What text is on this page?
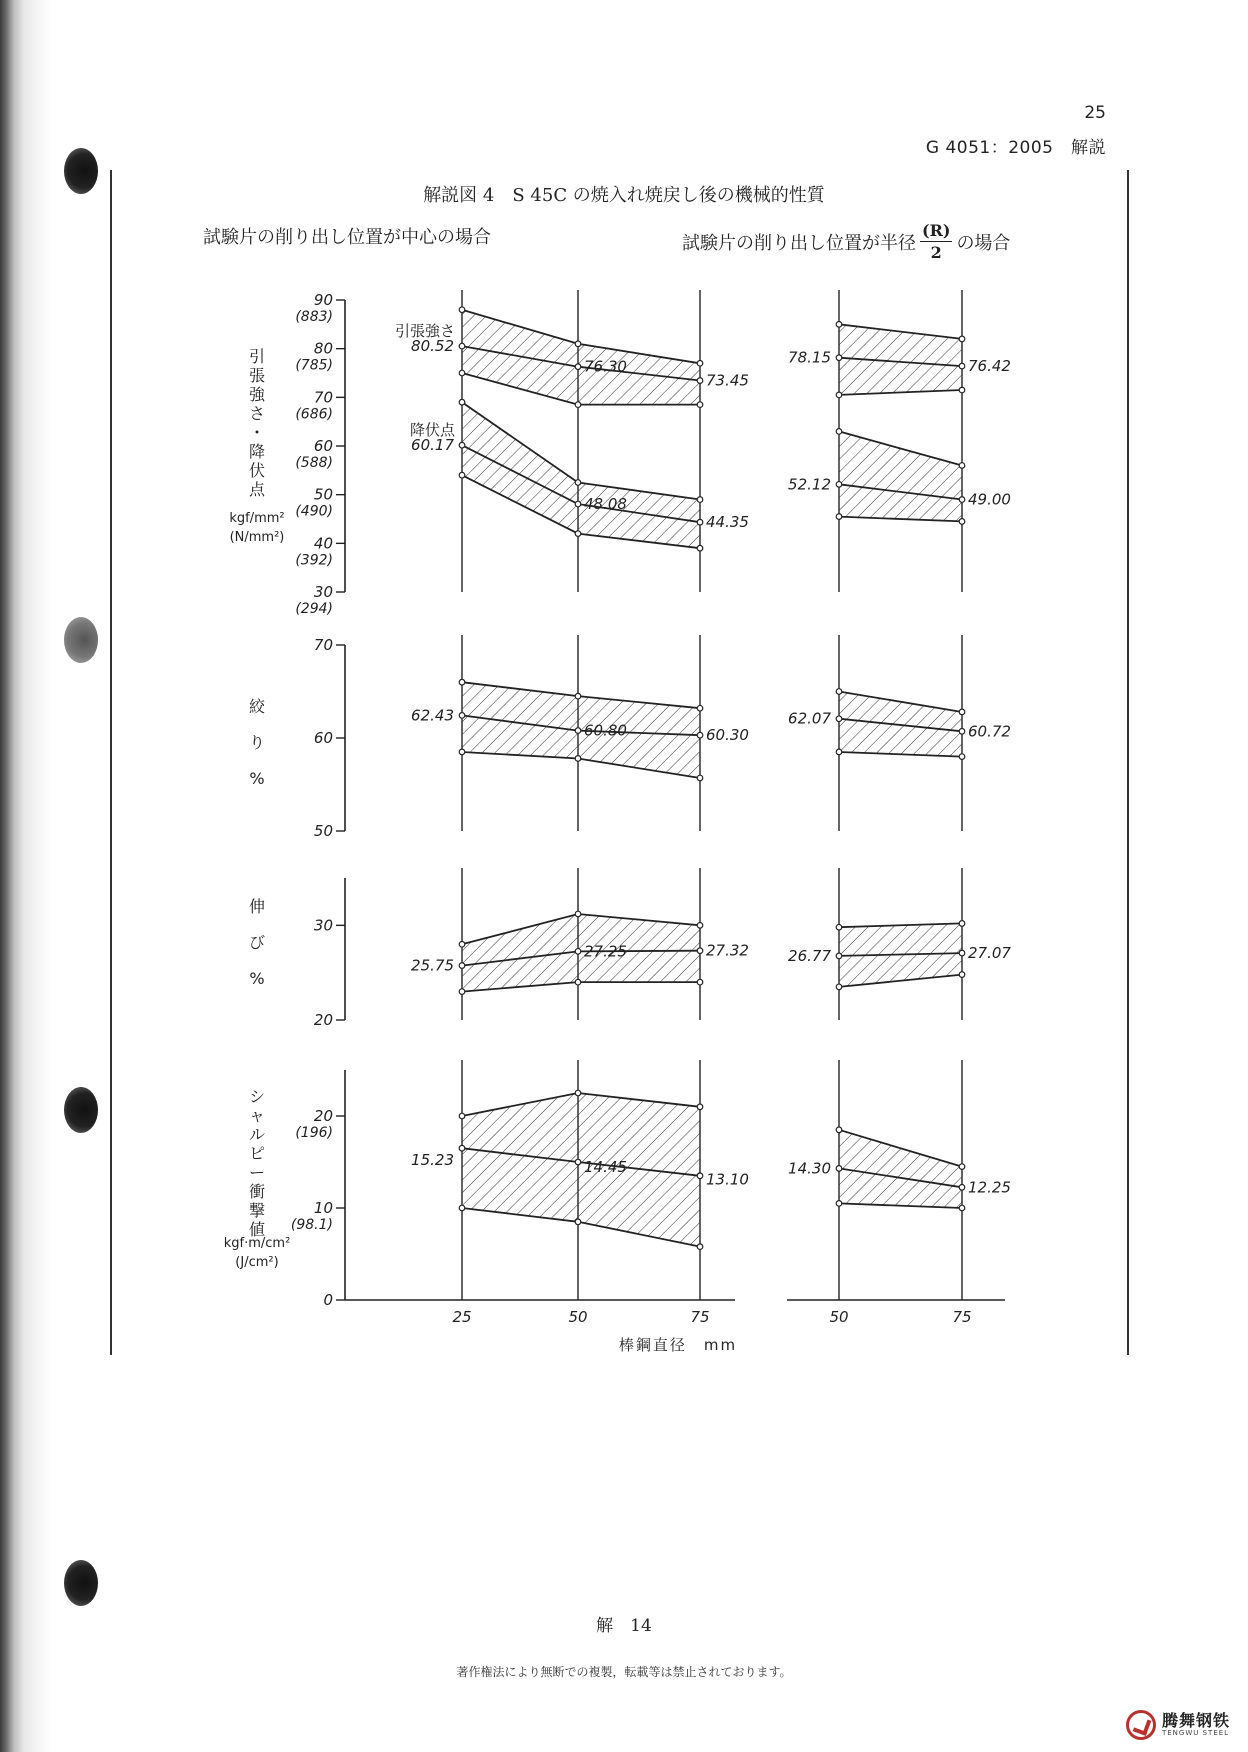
25
G 4051：2005　解説
解説図 4　S 45C の焼入れ焼戻し後の機械的性質
試験片の削り出し位置が中心の場合	試験片の削り出し位置が半径 $\frac{(R)}{2}$ の場合
90
(883)
80
(785)
70
(686)
60
(588)
50
(490)
40
(392)
30
(294)
引
張
強
さ
・
降
伏
点
kgf/mm²
(N/mm²)
80.52
76.30
73.45
60.17
48.08
44.35
78.15	76.42
52.12
49.00
70
60
50
絞
り
%
62.43
60.80	60.30
62.07
60.72
30
20
伸
び
%
25.75
27.25	27.32	26.77	27.07
20
(196)
10
(98.1)
0
シ
ャ
ル
ピ
ー
衝
撃
値
kgf·m/cm²
(J/cm²)
15.23	14.45
13.10
14.30
12.25
引張強さ
降伏点
25	50	75	50	75
棒鋼直径　mm
解　14
著作権法により無断での複製，転載等は禁止されております。
腾舞钢铁
TENGWU STEEL
